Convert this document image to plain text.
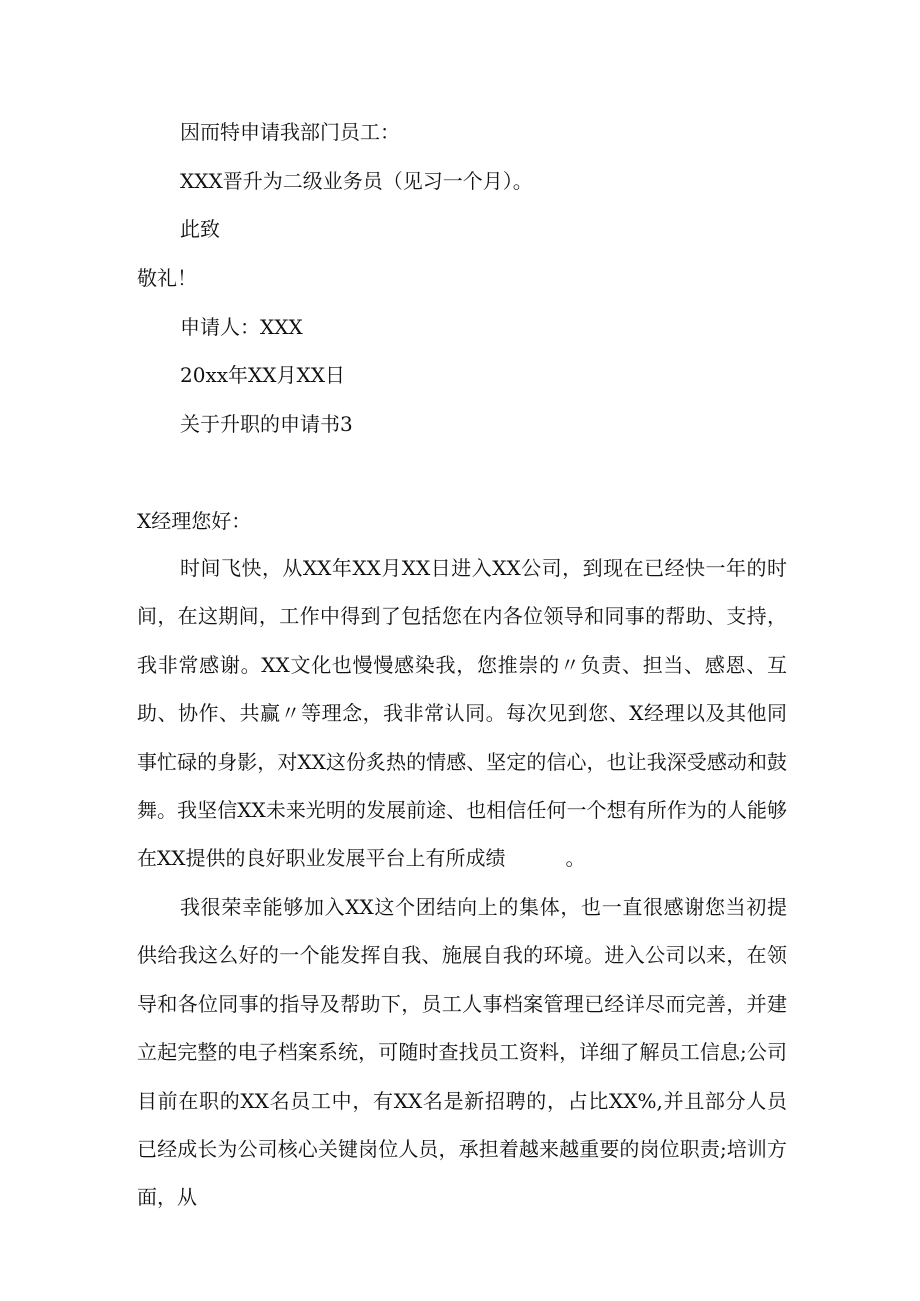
因而特申请我部门员工：
XXX晋升为二级业务员（见习一个月）。
此致
敬礼！
申请人：XXX
20xx年XX月XX日
关于升职的申请书3
X经理您好：

时间飞快，从XX年XX月XX日进入XX公司，到现在已经快一年的时间，在这期间，工作中得到了包括您在内各位领导和同事的帮助、支持，我非常感谢。XX文化也慢慢感染我，您推崇的〃负责、担当、感恩、互助、协作、共赢〃等理念，我非常认同。每次见到您、X经理以及其他同事忙碌的身影，对XX这份炙热的情感、坚定的信心，也让我深受感动和鼓舞。我坚信XX未来光明的发展前途、也相信任何一个想有所作为的人能够在XX提供的良好职业发展平台上有所成绩　　　。

我很荣幸能够加入XX这个团结向上的集体，也一直很感谢您当初提供给我这么好的一个能发挥自我、施展自我的环境。进入公司以来，在领导和各位同事的指导及帮助下，员工人事档案管理已经详尽而完善，并建立起完整的电子档案系统，可随时查找员工资料，详细了解员工信息;公司目前在职的XX名员工中，有XX名是新招聘的，占比XX%,并且部分人员已经成长为公司核心关键岗位人员，承担着越来越重要的岗位职责;培训方面，从
